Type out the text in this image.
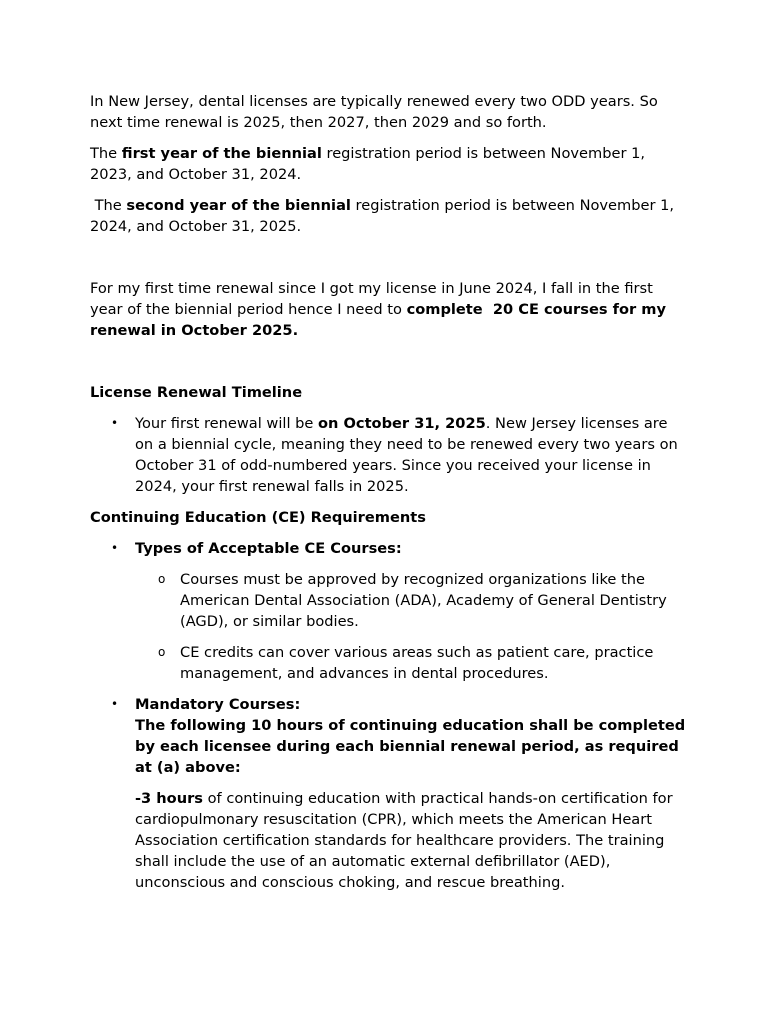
In New Jersey, dental licenses are typically renewed every two ODD years. So next time renewal is 2025, then 2027, then 2029 and so forth.

The first year of the biennial registration period is between November 1, 2023, and October 31, 2024.

The second year of the biennial registration period is between November 1, 2024, and October 31, 2025.

For my first time renewal since I got my license in June 2024, I fall in the first year of the biennial period hence I need to complete  20 CE courses for my renewal in October 2025.

License Renewal Timeline

• Your first renewal will be on October 31, 2025. New Jersey licenses are on a biennial cycle, meaning they need to be renewed every two years on October 31 of odd-numbered years. Since you received your license in 2024, your first renewal falls in 2025.

Continuing Education (CE) Requirements

• Types of Acceptable CE Courses:
o Courses must be approved by recognized organizations like the American Dental Association (ADA), Academy of General Dentistry (AGD), or similar bodies.
o CE credits can cover various areas such as patient care, practice management, and advances in dental procedures.
• Mandatory Courses:
The following 10 hours of continuing education shall be completed by each licensee during each biennial renewal period, as required at (a) above:

-3 hours of continuing education with practical hands-on certification for cardiopulmonary resuscitation (CPR), which meets the American Heart Association certification standards for healthcare providers. The training shall include the use of an automatic external defibrillator (AED), unconscious and conscious choking, and rescue breathing.
